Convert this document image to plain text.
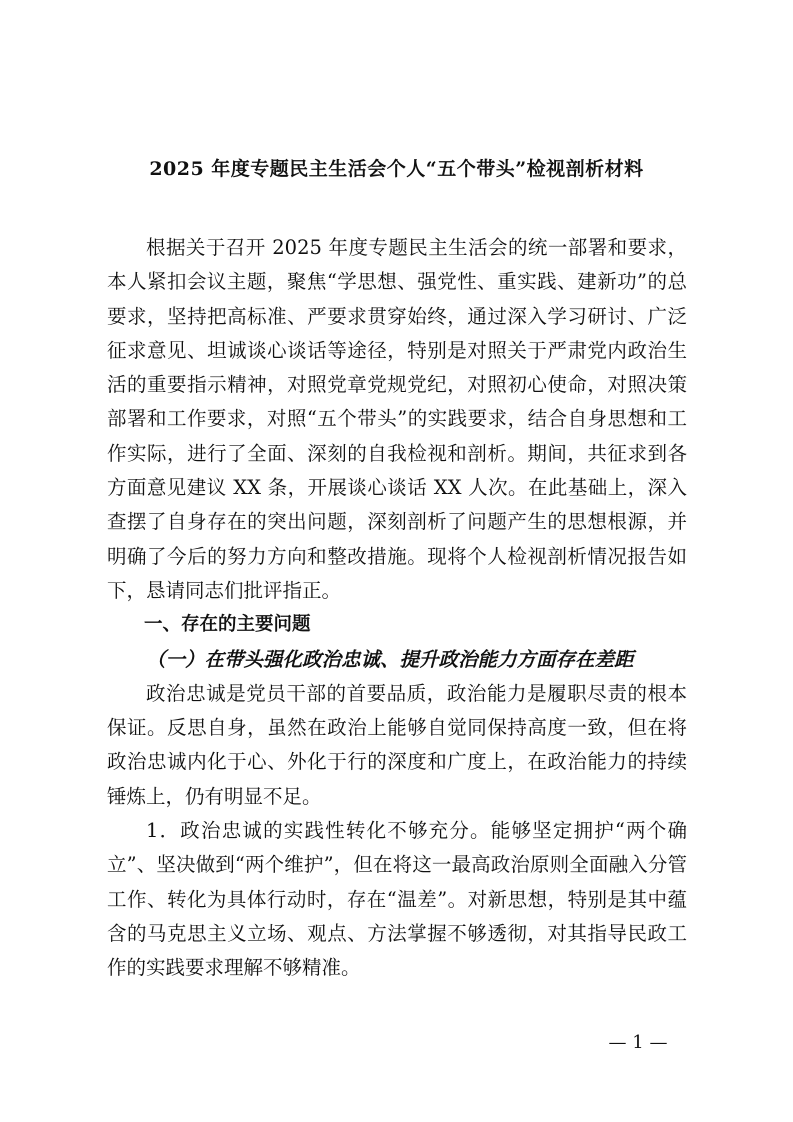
2025 年度专题民主生活会个人“五个带头”检视剖析材料

根据关于召开 2025 年度专题民主生活会的统一部署和要求，本人紧扣会议主题，聚焦“学思想、强党性、重实践、建新功”的总要求，坚持把高标准、严要求贯穿始终，通过深入学习研讨、广泛征求意见、坦诚谈心谈话等途径，特别是对照关于严肃党内政治生活的重要指示精神，对照党章党规党纪，对照初心使命，对照决策部署和工作要求，对照“五个带头”的实践要求，结合自身思想和工作实际，进行了全面、深刻的自我检视和剖析。期间，共征求到各方面意见建议 XX 条，开展谈心谈话 XX 人次。在此基础上，深入查摆了自身存在的突出问题，深刻剖析了问题产生的思想根源，并明确了今后的努力方向和整改措施。现将个人检视剖析情况报告如下，恳请同志们批评指正。

一、存在的主要问题

（一）在带头强化政治忠诚、提升政治能力方面存在差距

政治忠诚是党员干部的首要品质，政治能力是履职尽责的根本保证。反思自身，虽然在政治上能够自觉同保持高度一致，但在将政治忠诚内化于心、外化于行的深度和广度上，在政治能力的持续锤炼上，仍有明显不足。

1．政治忠诚的实践性转化不够充分。能够坚定拥护“两个确立”、坚决做到“两个维护”，但在将这一最高政治原则全面融入分管工作、转化为具体行动时，存在“温差”。对新思想，特别是其中蕴含的马克思主义立场、观点、方法掌握不够透彻，对其指导民政工作的实践要求理解不够精准。

— 1 —
